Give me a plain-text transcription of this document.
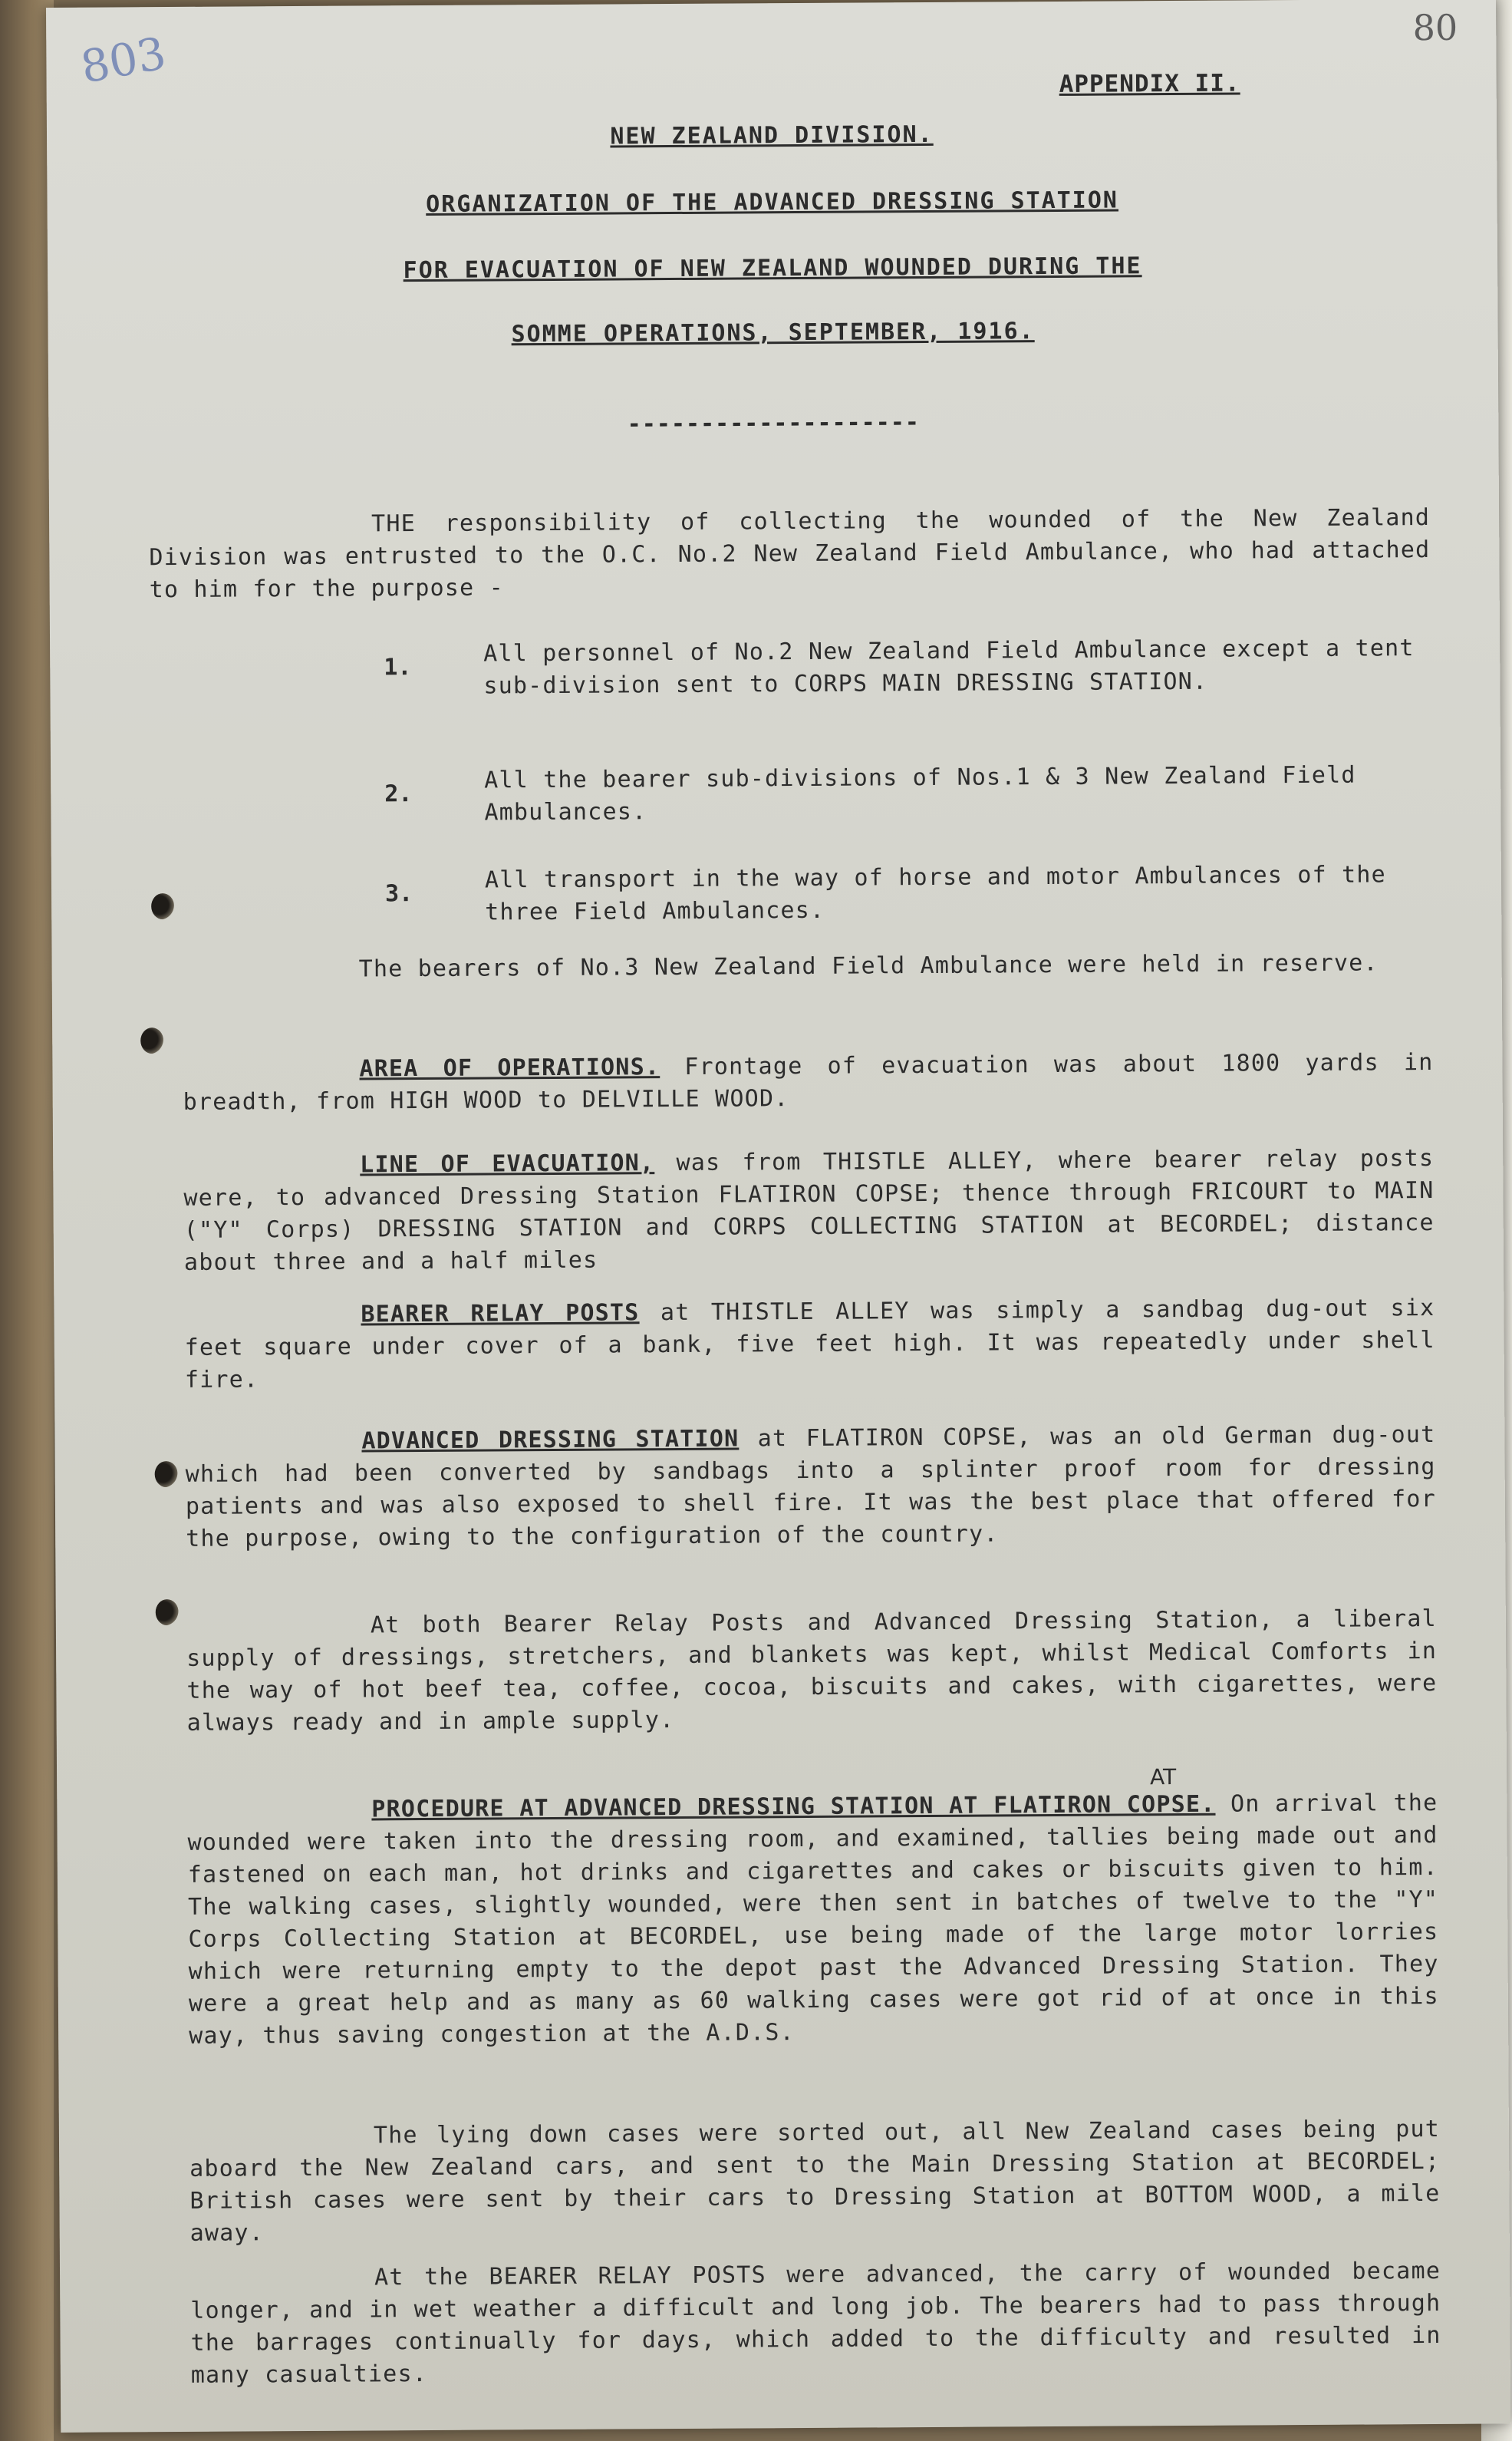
803	80
APPENDIX II.
NEW ZEALAND DIVISION.
ORGANIZATION OF THE ADVANCED DRESSING STATION
FOR EVACUATION OF NEW ZEALAND WOUNDED DURING THE
SOMME OPERATIONS, SEPTEMBER, 1916.
--------------------
THE responsibility of collecting the wounded of the New Zealand Division was entrusted to the O.C. No.2 New Zealand Field Ambulance, who had attached to him for the purpose -
1.
All personnel of No.2 New Zealand Field Ambulance except a tent sub-division sent to CORPS MAIN DRESSING STATION.
2.
All the bearer sub-divisions of Nos.1 & 3 New Zealand Field Ambulances.
3.
All transport in the way of horse and motor Ambulances of the three Field Ambulances.
The bearers of No.3 New Zealand Field Ambulance were held in reserve.
AREA OF OPERATIONS. Frontage of evacuation was about 1800 yards in breadth, from HIGH WOOD to DELVILLE WOOD.
LINE OF EVACUATION, was from THISTLE ALLEY, where bearer relay posts were, to advanced Dressing Station FLATIRON COPSE; thence through FRICOURT to MAIN ("Y" Corps) DRESSING STATION and CORPS COLLECTING STATION at BECORDEL; distance about three and a half miles
BEARER RELAY POSTS at THISTLE ALLEY was simply a sandbag dug-out six feet square under cover of a bank, five feet high. It was repeatedly under shell fire.
ADVANCED DRESSING STATION at FLATIRON COPSE, was an old German dug-out which had been converted by sandbags into a splinter proof room for dressing patients and was also exposed to shell fire. It was the best place that offered for the purpose, owing to the configuration of the country.
At both Bearer Relay Posts and Advanced Dressing Station, a liberal supply of dressings, stretchers, and blankets was kept, whilst Medical Comforts in the way of hot beef tea, coffee, cocoa, biscuits and cakes, with cigarettes, were always ready and in ample supply.
AT
PROCEDURE AT ADVANCED DRESSING STATION AT FLATIRON COPSE. On arrival the wounded were taken into the dressing room, and examined, tallies being made out and fastened on each man, hot drinks and cigarettes and cakes or biscuits given to him. The walking cases, slightly wounded, were then sent in batches of twelve to the "Y" Corps Collecting Station at BECORDEL, use being made of the large motor lorries which were returning empty to the depot past the Advanced Dressing Station. They were a great help and as many as 60 walking cases were got rid of at once in this way, thus saving congestion at the A.D.S.
The lying down cases were sorted out, all New Zealand cases being put aboard the New Zealand cars, and sent to the Main Dressing Station at BECORDEL; British cases were sent by their cars to Dressing Station at BOTTOM WOOD, a mile away.
At the BEARER RELAY POSTS were advanced, the carry of wounded became longer, and in wet weather a difficult and long job. The bearers had to pass through the barrages continually for days, which added to the difficulty and resulted in many casualties.
